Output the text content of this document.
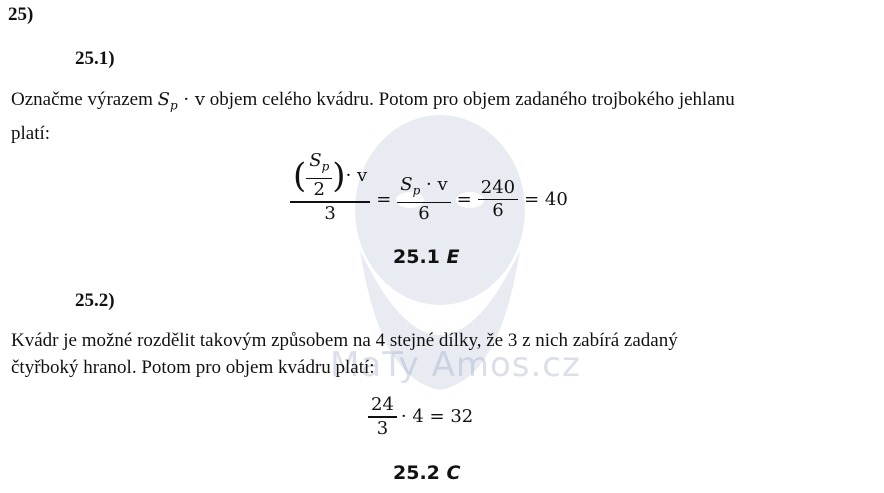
MaTy Amos.cz
25)
25.1)
Označme výrazem $S_p \cdot v$ objem celého kvádru. Potom pro objem zadaného trojbokého jehlanu
platí:
( $\frac{S_p}{2}$ ) · v
3
= $\frac{S_p \cdot v}{6} = \frac{240}{6} = 40$
25.1 E
25.2)
Kvádr je možné rozdělit takovým způsobem na 4 stejné dílky, že 3 z nich zabírá zadaný
čtyřboký hranol. Potom pro objem kvádru platí:
$\frac{24}{3} \cdot 4 = 32$
25.2 C
